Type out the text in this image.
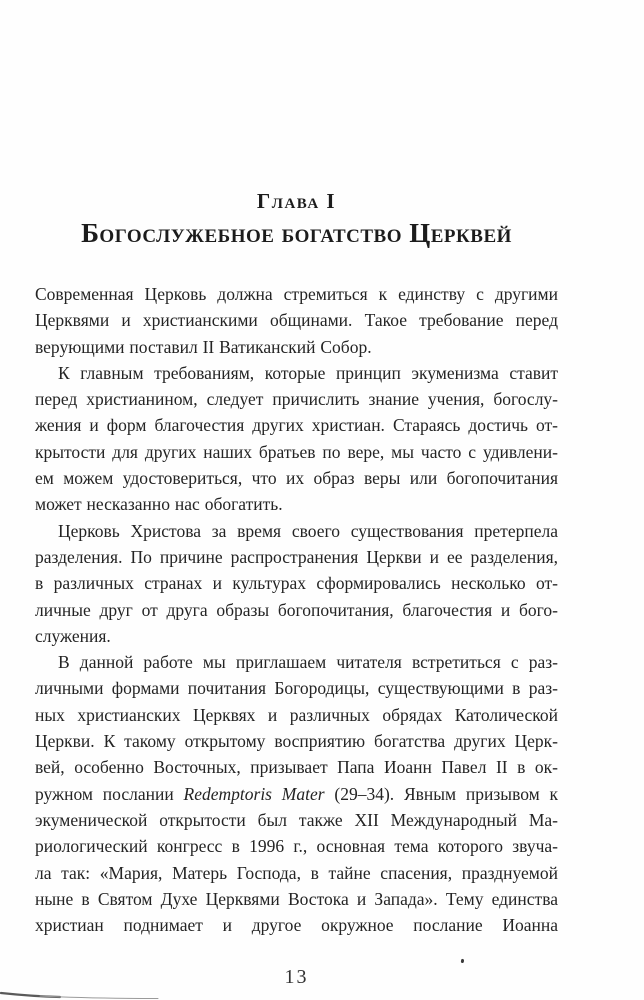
Глава I
Богослужебное богатство Церквей
Современная Церковь должна стремиться к единству с другими
Церквями и христианскими общинами. Такое требование перед
верующими поставил II Ватиканский Собор.
К главным требованиям, которые принцип экуменизма ставит
перед христианином, следует причислить знание учения, богослу-
жения и форм благочестия других христиан. Стараясь достичь от-
крытости для других наших братьев по вере, мы часто с удивлени-
ем можем удостовериться, что их образ веры или богопочитания
может несказанно нас обогатить.
Церковь Христова за время своего существования претерпела
разделения. По причине распространения Церкви и ее разделения,
в различных странах и культурах сформировались несколько от-
личные друг от друга образы богопочитания, благочестия и бого-
служения.
В данной работе мы приглашаем читателя встретиться с раз-
личными формами почитания Богородицы, существующими в раз-
ных христианских Церквях и различных обрядах Католической
Церкви. К такому открытому восприятию богатства других Церк-
вей, особенно Восточных, призывает Папа Иоанн Павел II в ок-
ружном послании Redemptoris Mater (29–34). Явным призывом к
экуменической открытости был также XII Международный Ма-
риологический конгресс в 1996 г., основная тема которого звуча-
ла так: «Мария, Матерь Господа, в тайне спасения, празднуемой
ныне в Святом Духе Церквями Востока и Запада». Тему единства
христиан поднимает и другое окружное послание Иоанна
13
